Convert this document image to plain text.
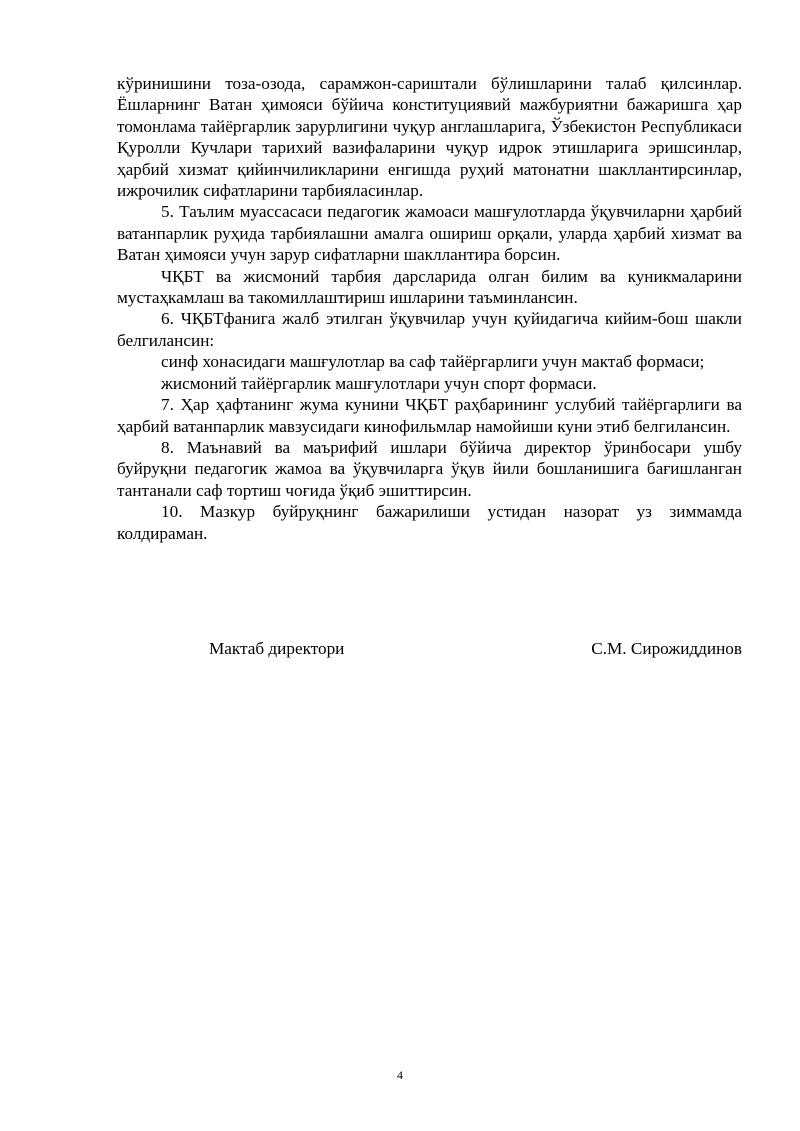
кўринишини тоза-озода, сарамжон-сариштали бўлишларини талаб қилсинлар. Ёшларнинг Ватан ҳимояси бўйича конституциявий мажбуриятни бажаришга ҳар томонлама тайёргарлик зарурлигини чуқур англашларига, Ўзбекистон Республикаси Қуролли Кучлари тарихий вазифаларини чуқур идрок этишларига эришсинлар, ҳарбий хизмат қийинчиликларини енгишда руҳий матонатни шакллантирсинлар, ижрочилик сифатларини тарбияласинлар.

5. Таълим муассасаси педагогик жамоаси машғулотларда ўқувчиларни ҳарбий ватанпарлик руҳида тарбиялашни амалга ошириш орқали, уларда ҳарбий хизмат ва Ватан ҳимояси учун зарур сифатларни шакллантира борсин.

ЧҚБТ ва жисмоний тарбия дарсларида олган билим ва куникмаларини мустаҳкамлаш ва такомиллаштириш ишларини таъминлансин.

6. ЧҚБТфанига жалб этилган ўқувчилар учун қуйидагича кийим-бош шакли белгилансин:

синф хонасидаги машғулотлар ва саф тайёргарлиги учун мактаб формаси;

жисмоний тайёргарлик машғулотлари учун спорт формаси.

7. Ҳар ҳафтанинг жума кунини ЧҚБТ раҳбарининг услубий тайёргарлиги ва ҳарбий ватанпарлик мавзусидаги кинофильмлар намойиши куни этиб белгилансин.

8. Маънавий ва маърифий ишлари бўйича директор ўринбосари ушбу буйруқни педагогик жамоа ва ўқувчиларга ўқув йили бошланишига бағишланган тантанали саф тортиш чоғида ўқиб эшиттирсин.

10. Мазкур буйруқнинг бажарилиши устидан назорат уз зиммамда колдираман.

Мактаб директори	С.М. Сирожиддинов
4
